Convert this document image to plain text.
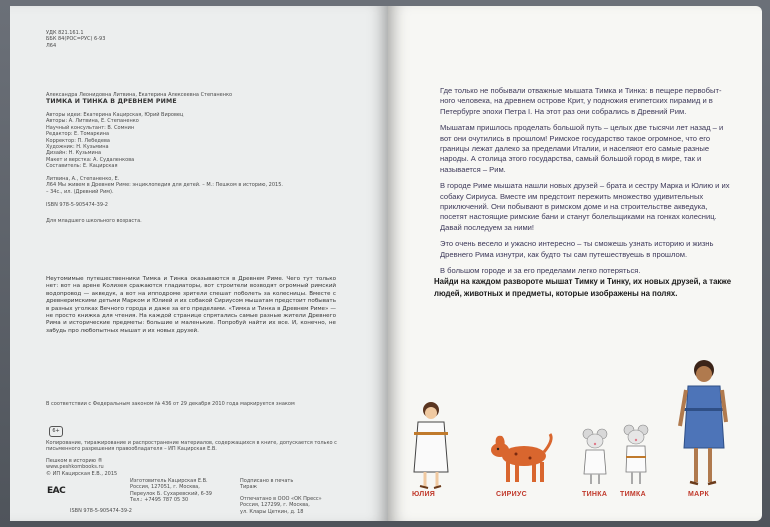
УДК 821.161.1
ББК 84(РОС=РУС) 6-93
Л64
Александра Леонидовна Литвина, Екатерина Алексеевна Степаненко
ТИМКА И ТИНКА В ДРЕВНЕМ РИМЕ
Авторы идеи: Екатерина Кацирская, Юрий Вировец
Авторы: А. Литвина, Е. Степаненко
Научный консультант: В. Сомнин
Редактор: Е. Томаркина
Корректор: П. Лебедева
Художник: Н. Кузьмина
Дизайн: Н. Кузьмина
Макет и верстка: А. Судаленкова
Составитель: Е. Кацирская
Литвина, А., Степаненко, Е.
Л64 Мы живем в Древнем Риме: энциклопедия для детей. – М.: Пешком в историю, 2015.
– 34с., ил. (Древний Рим).
ISBN 978-5-905474-39-2
Для младшего школьного возраста.
Неутомимые путешественники Тимка и Тинка оказываются в Древнем Риме. Чего тут только нет: вот на арене Колизея сражаются гладиаторы, вот строители возводят огромный римский водопровод — акведук, а вот на ипподроме зрители спешат поболеть за колесницы. Вместе с древнеримскими детьми Марком и Юлией и их собакой Сириусом мышатам предстоит побывать в разных уголках Вечного города и даже за его пределами. «Тимка и Тинка в Древнем Риме» — не просто книжка для чтения. На каждой странице спрятались самые разные жители Древнего Рима и исторические предметы: большие и маленькие. Попробуй найти их все. И, конечно, не забудь про любопытных мышат и их новых друзей.
В соответствии с Федеральным законом № 436 от 29 декабря 2010 года маркируется знаком
6+
Копирование, тиражирование и распространение материалов, содержащихся в книге, допускается только с письменного разрешения правообладателя – ИП Кацирская Е.В.
Пешком в историю ®
www.peshkombooks.ru
© ИП Кацирская Е.В., 2015
Изготовитель Кацирская Е.В.
Россия, 127051, г. Москва,
Переулок Б. Сухаревский, 6-39
Тел.: +7495 787 05 30
Подписано в печать
Тираж
Отпечатано в ООО «ОК Пресс»
Россия, 127299, г. Москва,
ул. Клары Цеткин, д. 18
ISBN 978-5-905474-39-2
EAC

Где только не побывали отважные мышата Тимка и Тинка: в пещере первобытного человека, на древнем острове Крит, у подножия египетских пирамид и в Петербурге эпохи Петра I. На этот раз они собрались в Древний Рим.

Мышатам пришлось проделать большой путь – целых две тысячи лет назад – и вот они очутились в прошлом! Римское государство такое огромное, что его границы лежат далеко за пределами Италии, и населяют его самые разные народы. А столица этого государства, самый большой город в мире, так и называется – Рим.

В городе Риме мышата нашли новых друзей – брата и сестру Марка и Юлию и их собаку Сириуса. Вместе им предстоит пережить множество удивительных приключений. Они побывают в римском доме и на строительстве акведука, посетят настоящие римские бани и станут болельщиками на гонках колесниц. Давай последуем за ними!

Это очень весело и ужасно интересно – ты сможешь узнать историю и жизнь Древнего Рима изнутри, как будто ты сам путешествуешь в прошлом.

В большом городе и за его пределами легко потеряться.

Найди на каждом развороте мышат Тимку и Тинку, их новых друзей, а также людей, животных и предметы, которые изображены на полях.
ЮЛИЯ	СИРИУС	ТИНКА ТИМКА	МАРК
